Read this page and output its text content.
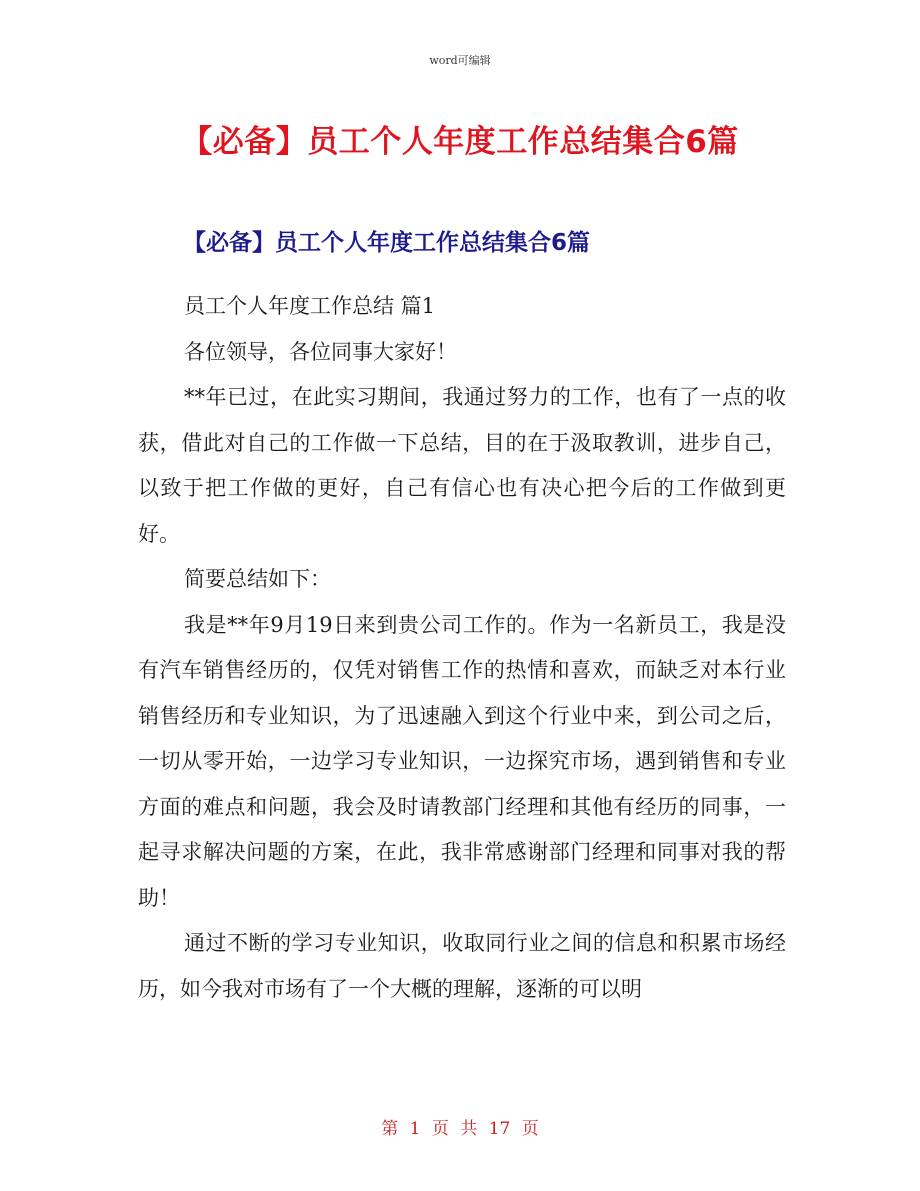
word可编辑
【必备】员工个人年度工作总结集合6篇
【必备】员工个人年度工作总结集合6篇

员工个人年度工作总结 篇1

各位领导，各位同事大家好！

**年已过，在此实习期间，我通过努力的工作，也有了一点的收获，借此对自己的工作做一下总结，目的在于汲取教训，进步自己，以致于把工作做的更好，自己有信心也有决心把今后的工作做到更好。

简要总结如下：

我是**年9月19日来到贵公司工作的。作为一名新员工，我是没有汽车销售经历的，仅凭对销售工作的热情和喜欢，而缺乏对本行业销售经历和专业知识，为了迅速融入到这个行业中来，到公司之后，一切从零开始，一边学习专业知识，一边探究市场，遇到销售和专业方面的难点和问题，我会及时请教部门经理和其他有经历的同事，一起寻求解决问题的方案，在此，我非常感谢部门经理和同事对我的帮助！

通过不断的学习专业知识，收取同行业之间的信息和积累市场经历，如今我对市场有了一个大概的理解，逐渐的可以明

第 1 页 共 17 页
